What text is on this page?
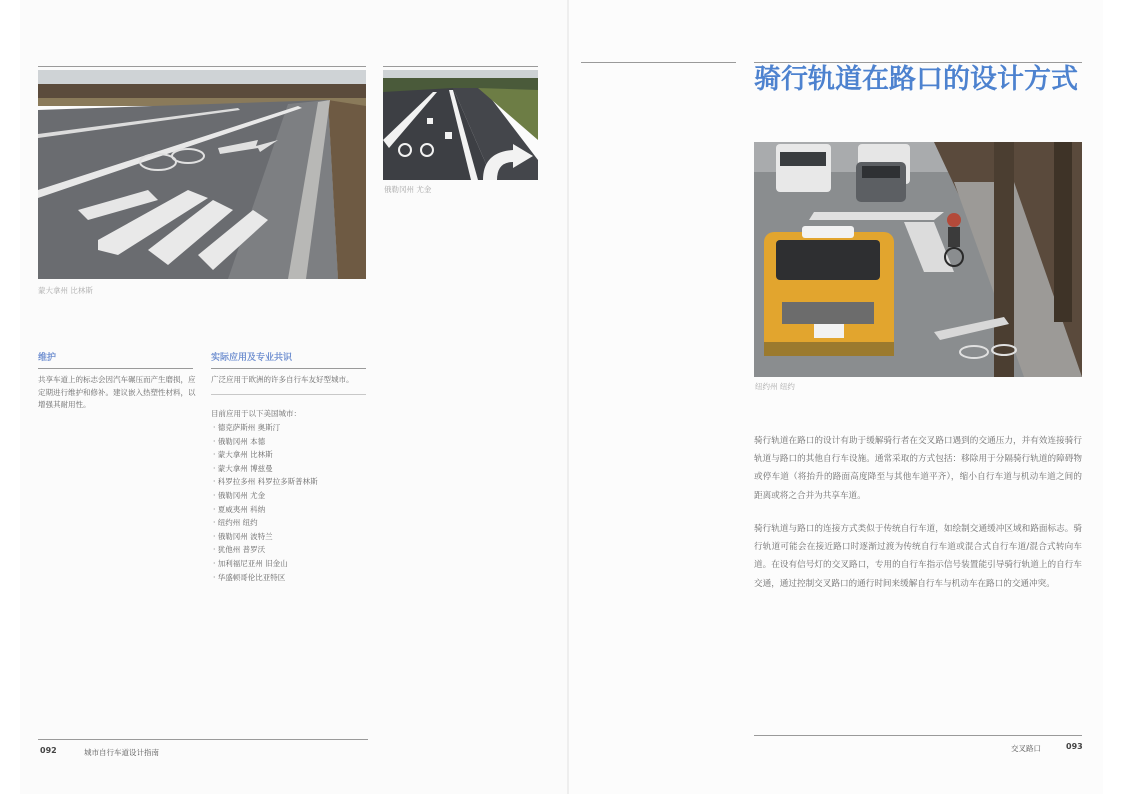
蒙大拿州 比林斯
俄勒冈州 尤金
维护
共享车道上的标志会因汽车碾压而产生磨损，应定期进行维护和修补。建议嵌入热塑性材料，以增强其耐用性。
实际应用及专业共识
广泛应用于欧洲的许多自行车友好型城市。
目前应用于以下美国城市：
· 德克萨斯州 奥斯汀
· 俄勒冈州 本德
· 蒙大拿州 比林斯
· 蒙大拿州 博兹曼
· 科罗拉多州 科罗拉多斯普林斯
· 俄勒冈州 尤金
· 夏威夷州 科纳
· 纽约州 纽约
· 俄勒冈州 波特兰
· 犹他州 普罗沃
· 加利福尼亚州 旧金山
· 华盛顿哥伦比亚特区
092	城市自行车道设计指南
骑行轨道在路口的设计方式
纽约州 纽约
骑行轨道在路口的设计有助于缓解骑行者在交叉路口遇到的交通压力，并有效连接骑行轨道与路口的其他自行车设施。通常采取的方式包括：移除用于分隔骑行轨道的障碍物或停车道（将抬升的路面高度降至与其他车道平齐），缩小自行车道与机动车道之间的距离或将之合并为共享车道。
骑行轨道与路口的连接方式类似于传统自行车道，如绘制交通缓冲区域和路面标志。骑行轨道可能会在接近路口时逐渐过渡为传统自行车道或混合式自行车道/混合式转向车道。在设有信号灯的交叉路口，专用的自行车指示信号装置能引导骑行轨道上的自行车交通，通过控制交叉路口的通行时间来缓解自行车与机动车在路口的交通冲突。
交叉路口	093
